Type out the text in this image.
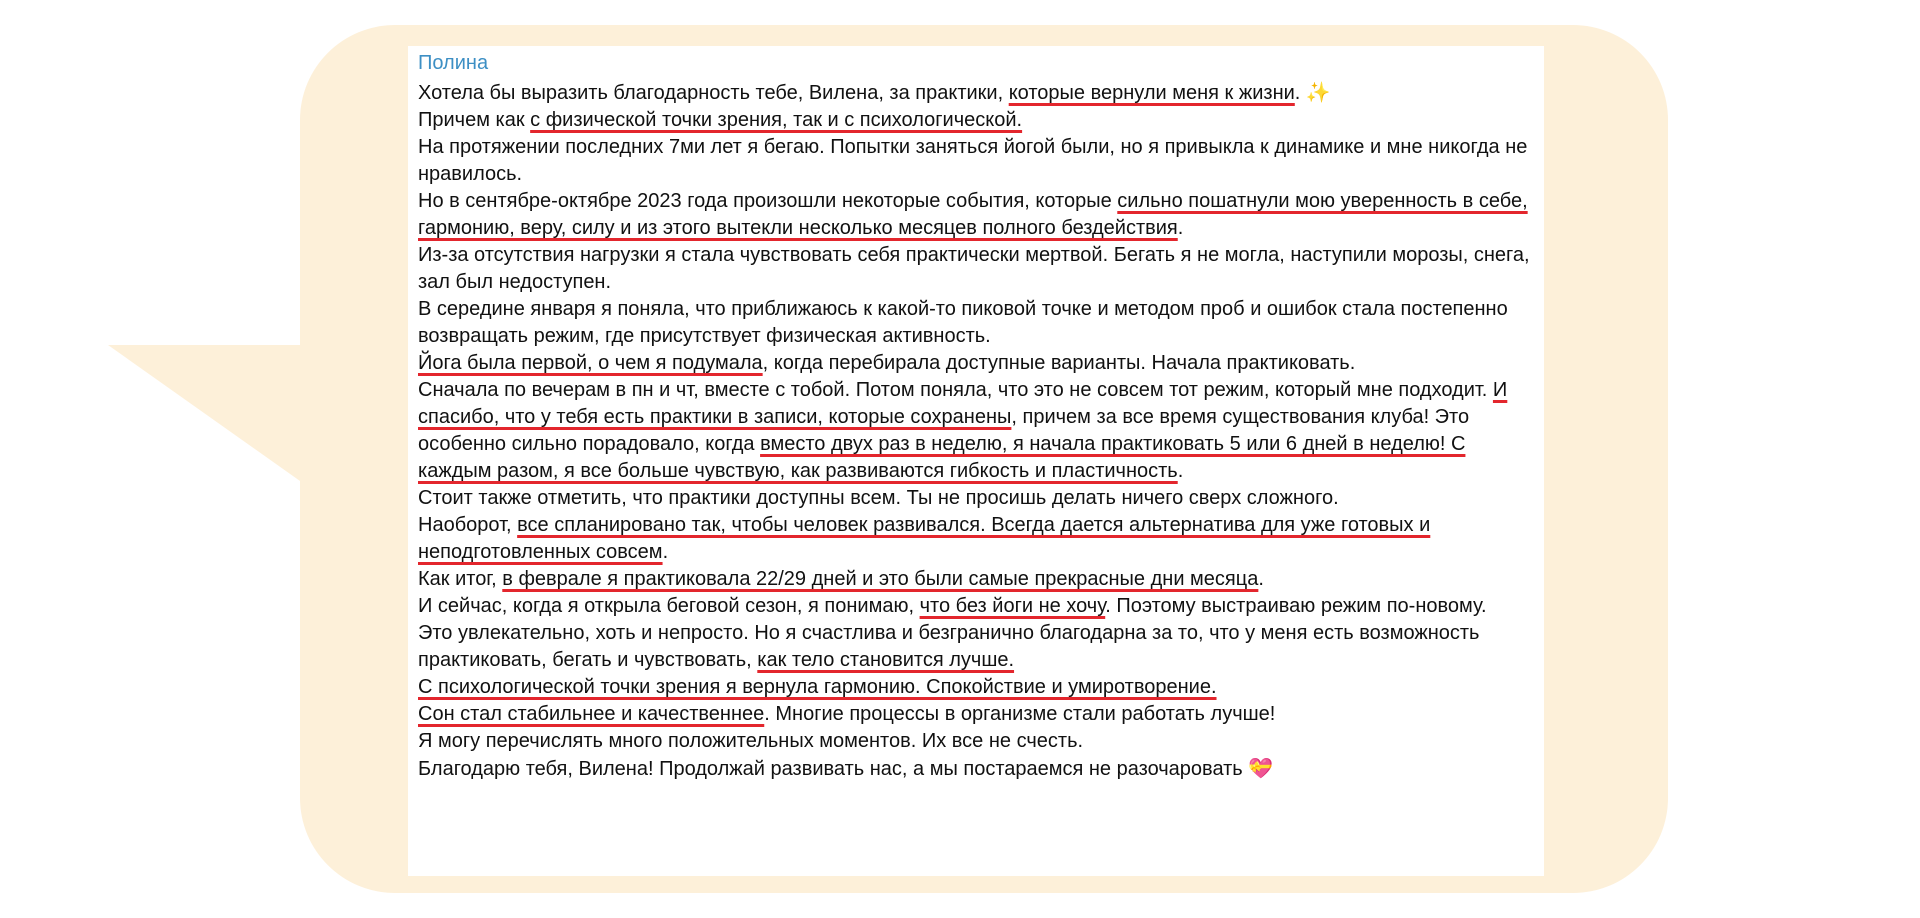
Полина
Хотела бы выразить благодарность тебе, Вилена, за практики, которые вернули меня к жизни. ✨
Причем как с физической точки зрения, так и с психологической.
На протяжении последних 7ми лет я бегаю. Попытки заняться йогой были, но я привыкла к динамике и мне никогда не нравилось.
Но в сентябре-октябре 2023 года произошли некоторые события, которые сильно пошатнули мою уверенность в себе, гармонию, веру, силу и из этого вытекли несколько месяцев полного бездействия.
Из-за отсутствия нагрузки я стала чувствовать себя практически мертвой. Бегать я не могла, наступили морозы, снега, зал был недоступен.
В середине января я поняла, что приближаюсь к какой-то пиковой точке и методом проб и ошибок стала постепенно возвращать режим, где присутствует физическая активность.
Йога была первой, о чем я подумала, когда перебирала доступные варианты. Начала практиковать.
Сначала по вечерам в пн и чт, вместе с тобой. Потом поняла, что это не совсем тот режим, который мне подходит. И спасибо, что у тебя есть практики в записи, которые сохранены, причем за все время существования клуба! Это особенно сильно порадовало, когда вместо двух раз в неделю, я начала практиковать 5 или 6 дней в неделю! С каждым разом, я все больше чувствую, как развиваются гибкость и пластичность.
Стоит также отметить, что практики доступны всем. Ты не просишь делать ничего сверх сложного.
Наоборот, все спланировано так, чтобы человек развивался. Всегда дается альтернатива для уже готовых и неподготовленных совсем.
Как итог, в феврале я практиковала 22/29 дней и это были самые прекрасные дни месяца.
И сейчас, когда я открыла беговой сезон, я понимаю, что без йоги не хочу. Поэтому выстраиваю режим по-новому.
Это увлекательно, хоть и непросто. Но я счастлива и безгранично благодарна за то, что у меня есть возможность практиковать, бегать и чувствовать, как тело становится лучше.
С психологической точки зрения я вернула гармонию. Спокойствие и умиротворение.
Сон стал стабильнее и качественнее. Многие процессы в организме стали работать лучше!
Я могу перечислять много положительных моментов. Их все не счесть.
Благодарю тебя, Вилена! Продолжай развивать нас, а мы постараемся не разочаровать 💝
